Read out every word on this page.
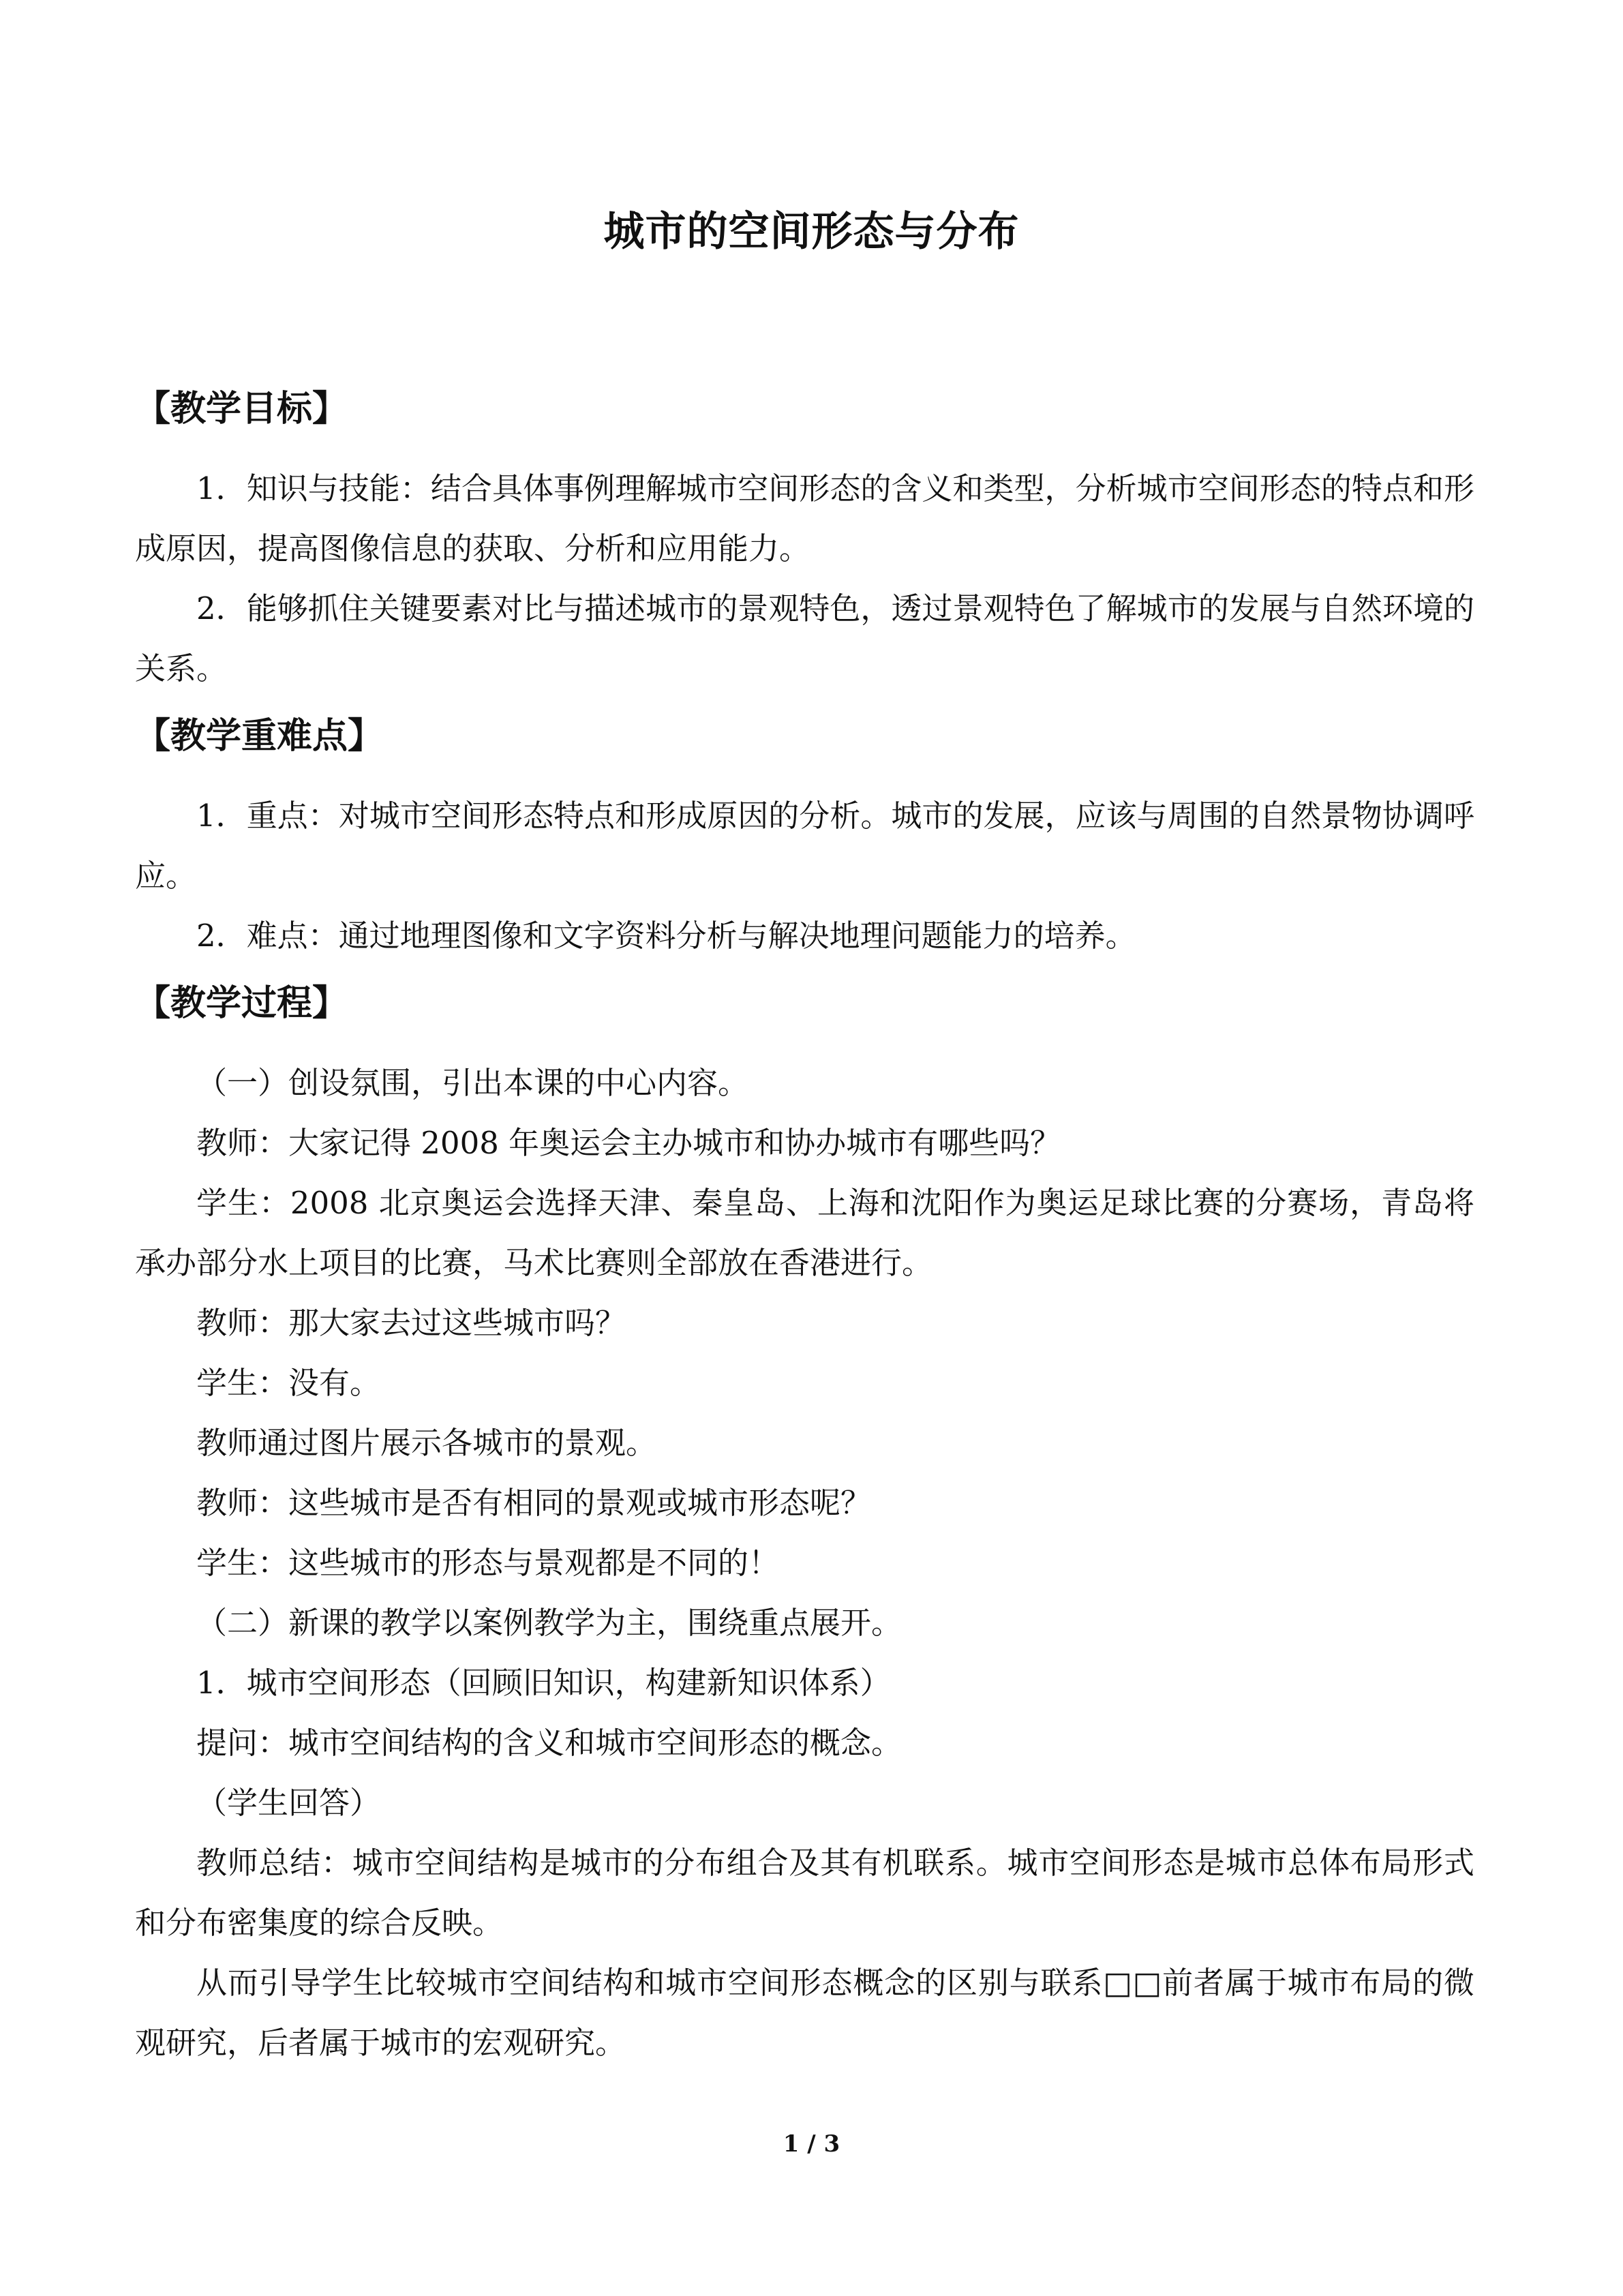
城市的空间形态与分布

【教学目标】

1．知识与技能：结合具体事例理解城市空间形态的含义和类型，分析城市空间形态的特点和形成原因，提高图像信息的获取、分析和应用能力。

2．能够抓住关键要素对比与描述城市的景观特色，透过景观特色了解城市的发展与自然环境的关系。

【教学重难点】

1．重点：对城市空间形态特点和形成原因的分析。城市的发展，应该与周围的自然景物协调呼应。

2．难点：通过地理图像和文字资料分析与解决地理问题能力的培养。

【教学过程】

（一）创设氛围，引出本课的中心内容。

教师：大家记得 2008 年奥运会主办城市和协办城市有哪些吗？

学生：2008 北京奥运会选择天津、秦皇岛、上海和沈阳作为奥运足球比赛的分赛场，青岛将承办部分水上项目的比赛，马术比赛则全部放在香港进行。

教师：那大家去过这些城市吗？

学生：没有。

教师通过图片展示各城市的景观。

教师：这些城市是否有相同的景观或城市形态呢？

学生：这些城市的形态与景观都是不同的！

（二）新课的教学以案例教学为主，围绕重点展开。

1．城市空间形态（回顾旧知识，构建新知识体系）

提问：城市空间结构的含义和城市空间形态的概念。

（学生回答）

教师总结：城市空间结构是城市的分布组合及其有机联系。城市空间形态是城市总体布局形式和分布密集度的综合反映。

从而引导学生比较城市空间结构和城市空间形态概念的区别与联系□□前者属于城市布局的微观研究，后者属于城市的宏观研究。

1 / 3
